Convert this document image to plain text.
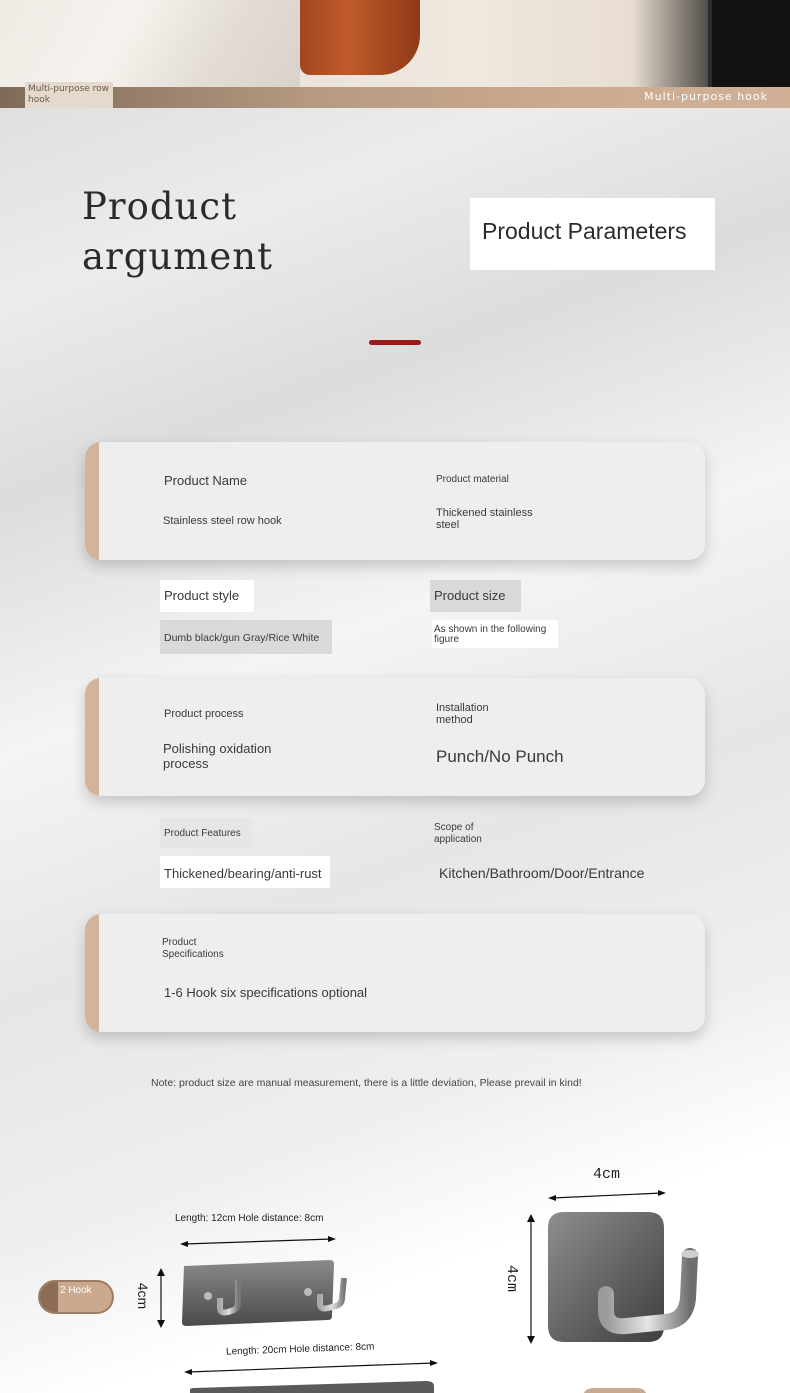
Multi-purpose row hook	Multi-purpose hook
Product argument
Product Parameters
Product Name
Stainless steel row hook
Product material
Thickened stainless steel
Product style
Dumb black/gun Gray/Rice White
Product size
As shown in the following figure
Product process
Polishing oxidation process
Installation method
Punch/No Punch
Product Features
Thickened/bearing/anti-rust
Scope of application
Kitchen/Bathroom/Door/Entrance
Product Specifications
1-6 Hook six specifications optional
Note: product size are manual measurement, there is a little deviation, Please prevail in kind!
2 Hook
Length: 12cm Hole distance: 8cm
4cm
4cm
4cm
Length: 20cm Hole distance: 8cm
